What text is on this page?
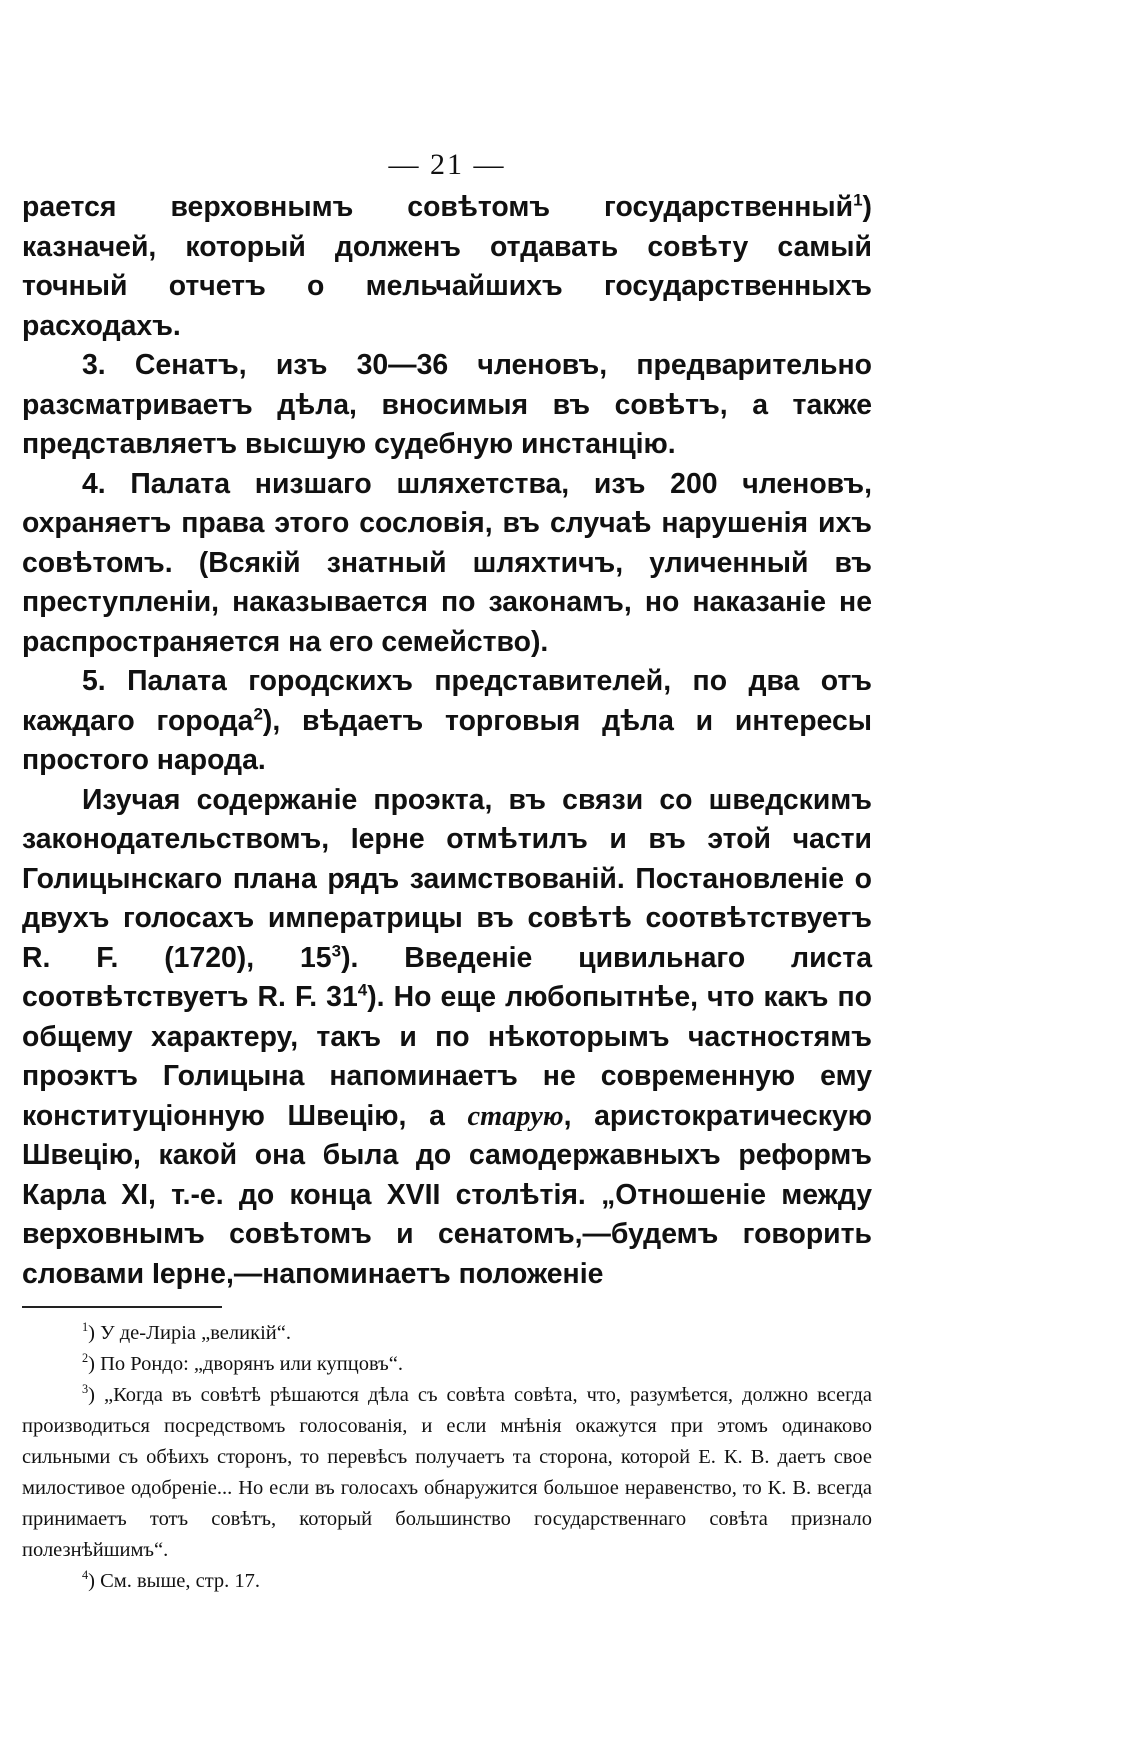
— 21 —

рается верховнымъ совѣтомъ государственный$^1$) казначей, который долженъ отдавать совѣту самый точный отчетъ о мельчайшихъ государственныхъ расходахъ.

3. Сенатъ, изъ 30—36 членовъ, предварительно разсматриваетъ дѣла, вносимыя въ совѣтъ, а также представляетъ высшую судебную инстанцію.

4. Палата низшаго шляхетства, изъ 200 членовъ, охраняетъ права этого сословія, въ случаѣ нарушенія ихъ совѣтомъ. (Всякій знатный шляхтичъ, уличенный въ преступленіи, наказывается по законамъ, но наказаніе не распространяется на его семейство).

5. Палата городскихъ представителей, по два отъ каждаго города$^2$), вѣдаетъ торговыя дѣла и интересы простого народа.

Изучая содержаніе проэкта, въ связи со шведскимъ законодательствомъ, Іерне отмѣтилъ и въ этой части Голицынскаго плана рядъ заимствованій. Постановленіе о двухъ голосахъ императрицы въ совѣтѣ соотвѣтствуетъ R. F. (1720), $15^3$). Введеніе цивильнаго листа соотвѣтствуетъ R. F. $31^4$). Но еще любопытнѣе, что какъ по общему характеру, такъ и по нѣкоторымъ частностямъ проэктъ Голицына напоминаетъ не современную ему конституціонную Швецію, а старую, аристократическую Швецію, какой она была до самодержавныхъ реформъ Карла XI, т.-е. до конца XVII столѣтія. „Отношеніе между верховнымъ совѣтомъ и сенатомъ,—будемъ говорить словами Іерне,—напоминаетъ положеніе

$^1$) У де-Лиріа „великій“.

$^2$) По Рондо: „дворянъ или купцовъ“.

$^3$) „Когда въ совѣтѣ рѣшаются дѣла съ совѣта совѣта, что, разумѣется, должно всегда производиться посредствомъ голосованія, и если мнѣнія окажутся при этомъ одинаково сильными съ обѣихъ сторонъ, то перевѣсъ получаетъ та сторона, которой Е. К. В. даетъ свое милостивое одобреніе... Но если въ голосахъ обнаружится большое неравенство, то К. В. всегда принимаетъ тотъ совѣтъ, который большинство государственнаго совѣта признало полезнѣйшимъ“.

$^4$) См. выше, стр. 17.
